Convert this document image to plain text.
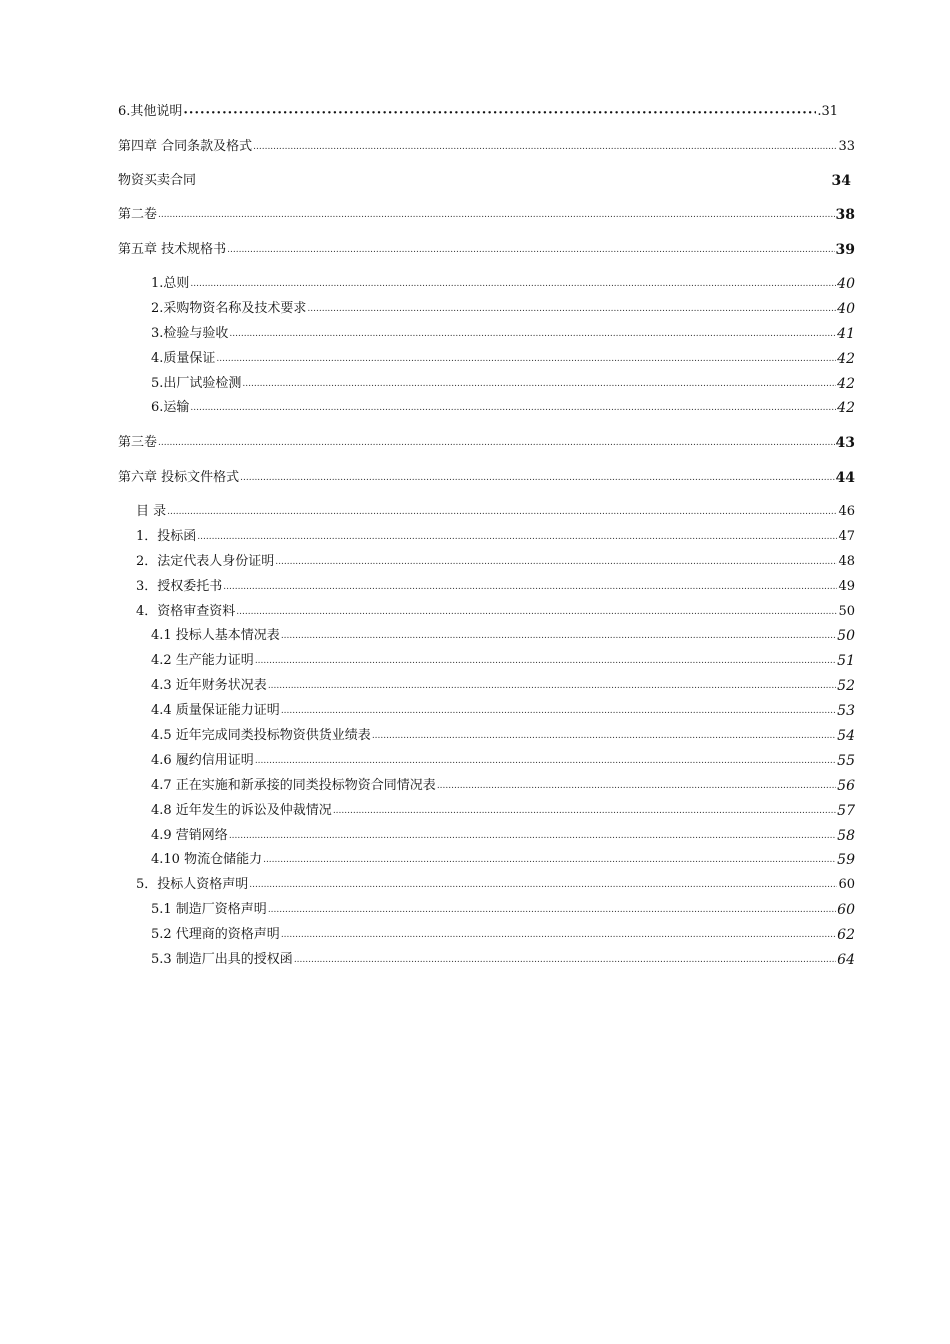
6.其他说明 ·····	.31
第四章 合同条款及格式 .....	33
物资买卖合同	34
第二卷 .....	38
第五章 技术规格书 .....	39
1.总则 .....	40
2.采购物资名称及技术要求 .....	40
3.检验与验收 .....	41
4.质量保证 .....	42
5.出厂试验检测 .....	42
6.运输 .....	42
第三卷 .....	43
第六章 投标文件格式 .....	44
目 录 .....	46
1．投标函 .....	47
2．法定代表人身份证明 .....	48
3．授权委托书 .....	49
4．资格审查资料 .....	50
4.1 投标人基本情况表 .....	50
4.2 生产能力证明 .....	51
4.3 近年财务状况表 .....	52
4.4 质量保证能力证明 .....	53
4.5 近年完成同类投标物资供货业绩表 .....	54
4.6 履约信用证明 .....	55
4.7 正在实施和新承接的同类投标物资合同情况表 .....	56
4.8 近年发生的诉讼及仲裁情况 .....	57
4.9 营销网络 .....	58
4.10 物流仓储能力 .....	59
5．投标人资格声明 .....	60
5.1 制造厂资格声明 .....	60
5.2 代理商的资格声明 .....	62
5.3 制造厂出具的授权函 .....	64
